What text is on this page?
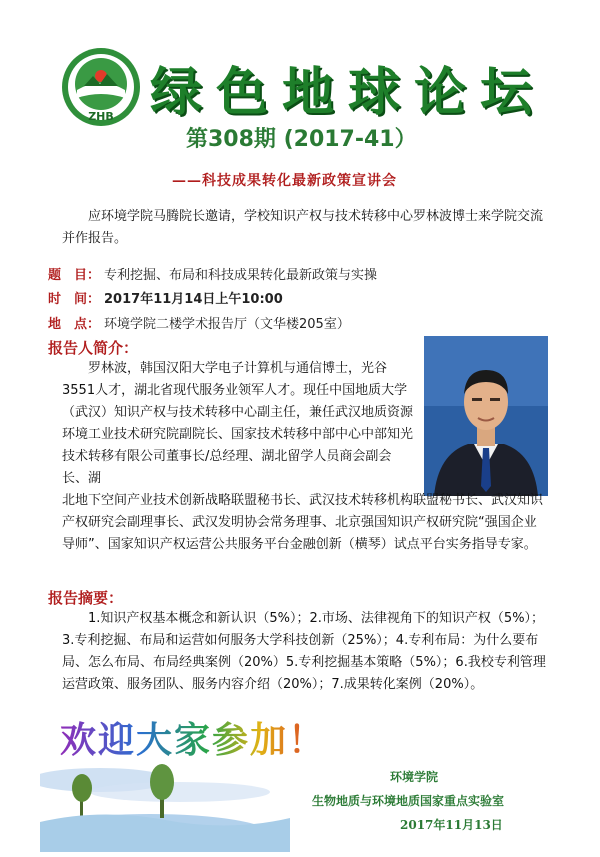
ZHB 绿色地球论坛
第308期 (2017-41）
——科技成果转化最新政策宣讲会
应环境学院马腾院长邀请，学校知识产权与技术转移中心罗林波博士来学院交流并作报告。
题　目： 专利挖掘、布局和科技成果转化最新政策与实操
时　间： 2017年11月14日上午10:00
地　点： 环境学院二楼学术报告厅（文华楼205室）
报告人简介：
罗林波，韩国汉阳大学电子计算机与通信博士，光谷3551人才，湖北省现代服务业领军人才。现任中国地质大学（武汉）知识产权与技术转移中心副主任，兼任武汉地质资源环境工业技术研究院副院长、国家技术转移中部中心中部知光技术转移有限公司董事长/总经理、湖北留学人员商会副会长、湖
北地下空间产业技术创新战略联盟秘书长、武汉技术转移机构联盟秘书长、武汉知识产权研究会副理事长、武汉发明协会常务理事、北京强国知识产权研究院“强国企业导师”、国家知识产权运营公共服务平台金融创新（横琴）试点平台实务指导专家。
报告摘要：
1.知识产权基本概念和新认识（5%）；2.市场、法律视角下的知识产权（5%）；3.专利挖掘、布局和运营如何服务大学科技创新（25%）；4.专利布局：为什么要布局、怎么布局、布局经典案例（20%）5.专利挖掘基本策略（5%）；6.我校专利管理运营政策、服务团队、服务内容介绍（20%）；7.成果转化案例（20%）。
欢迎大家参加！
环境学院
生物地质与环境地质国家重点实验室
2017年11月13日
